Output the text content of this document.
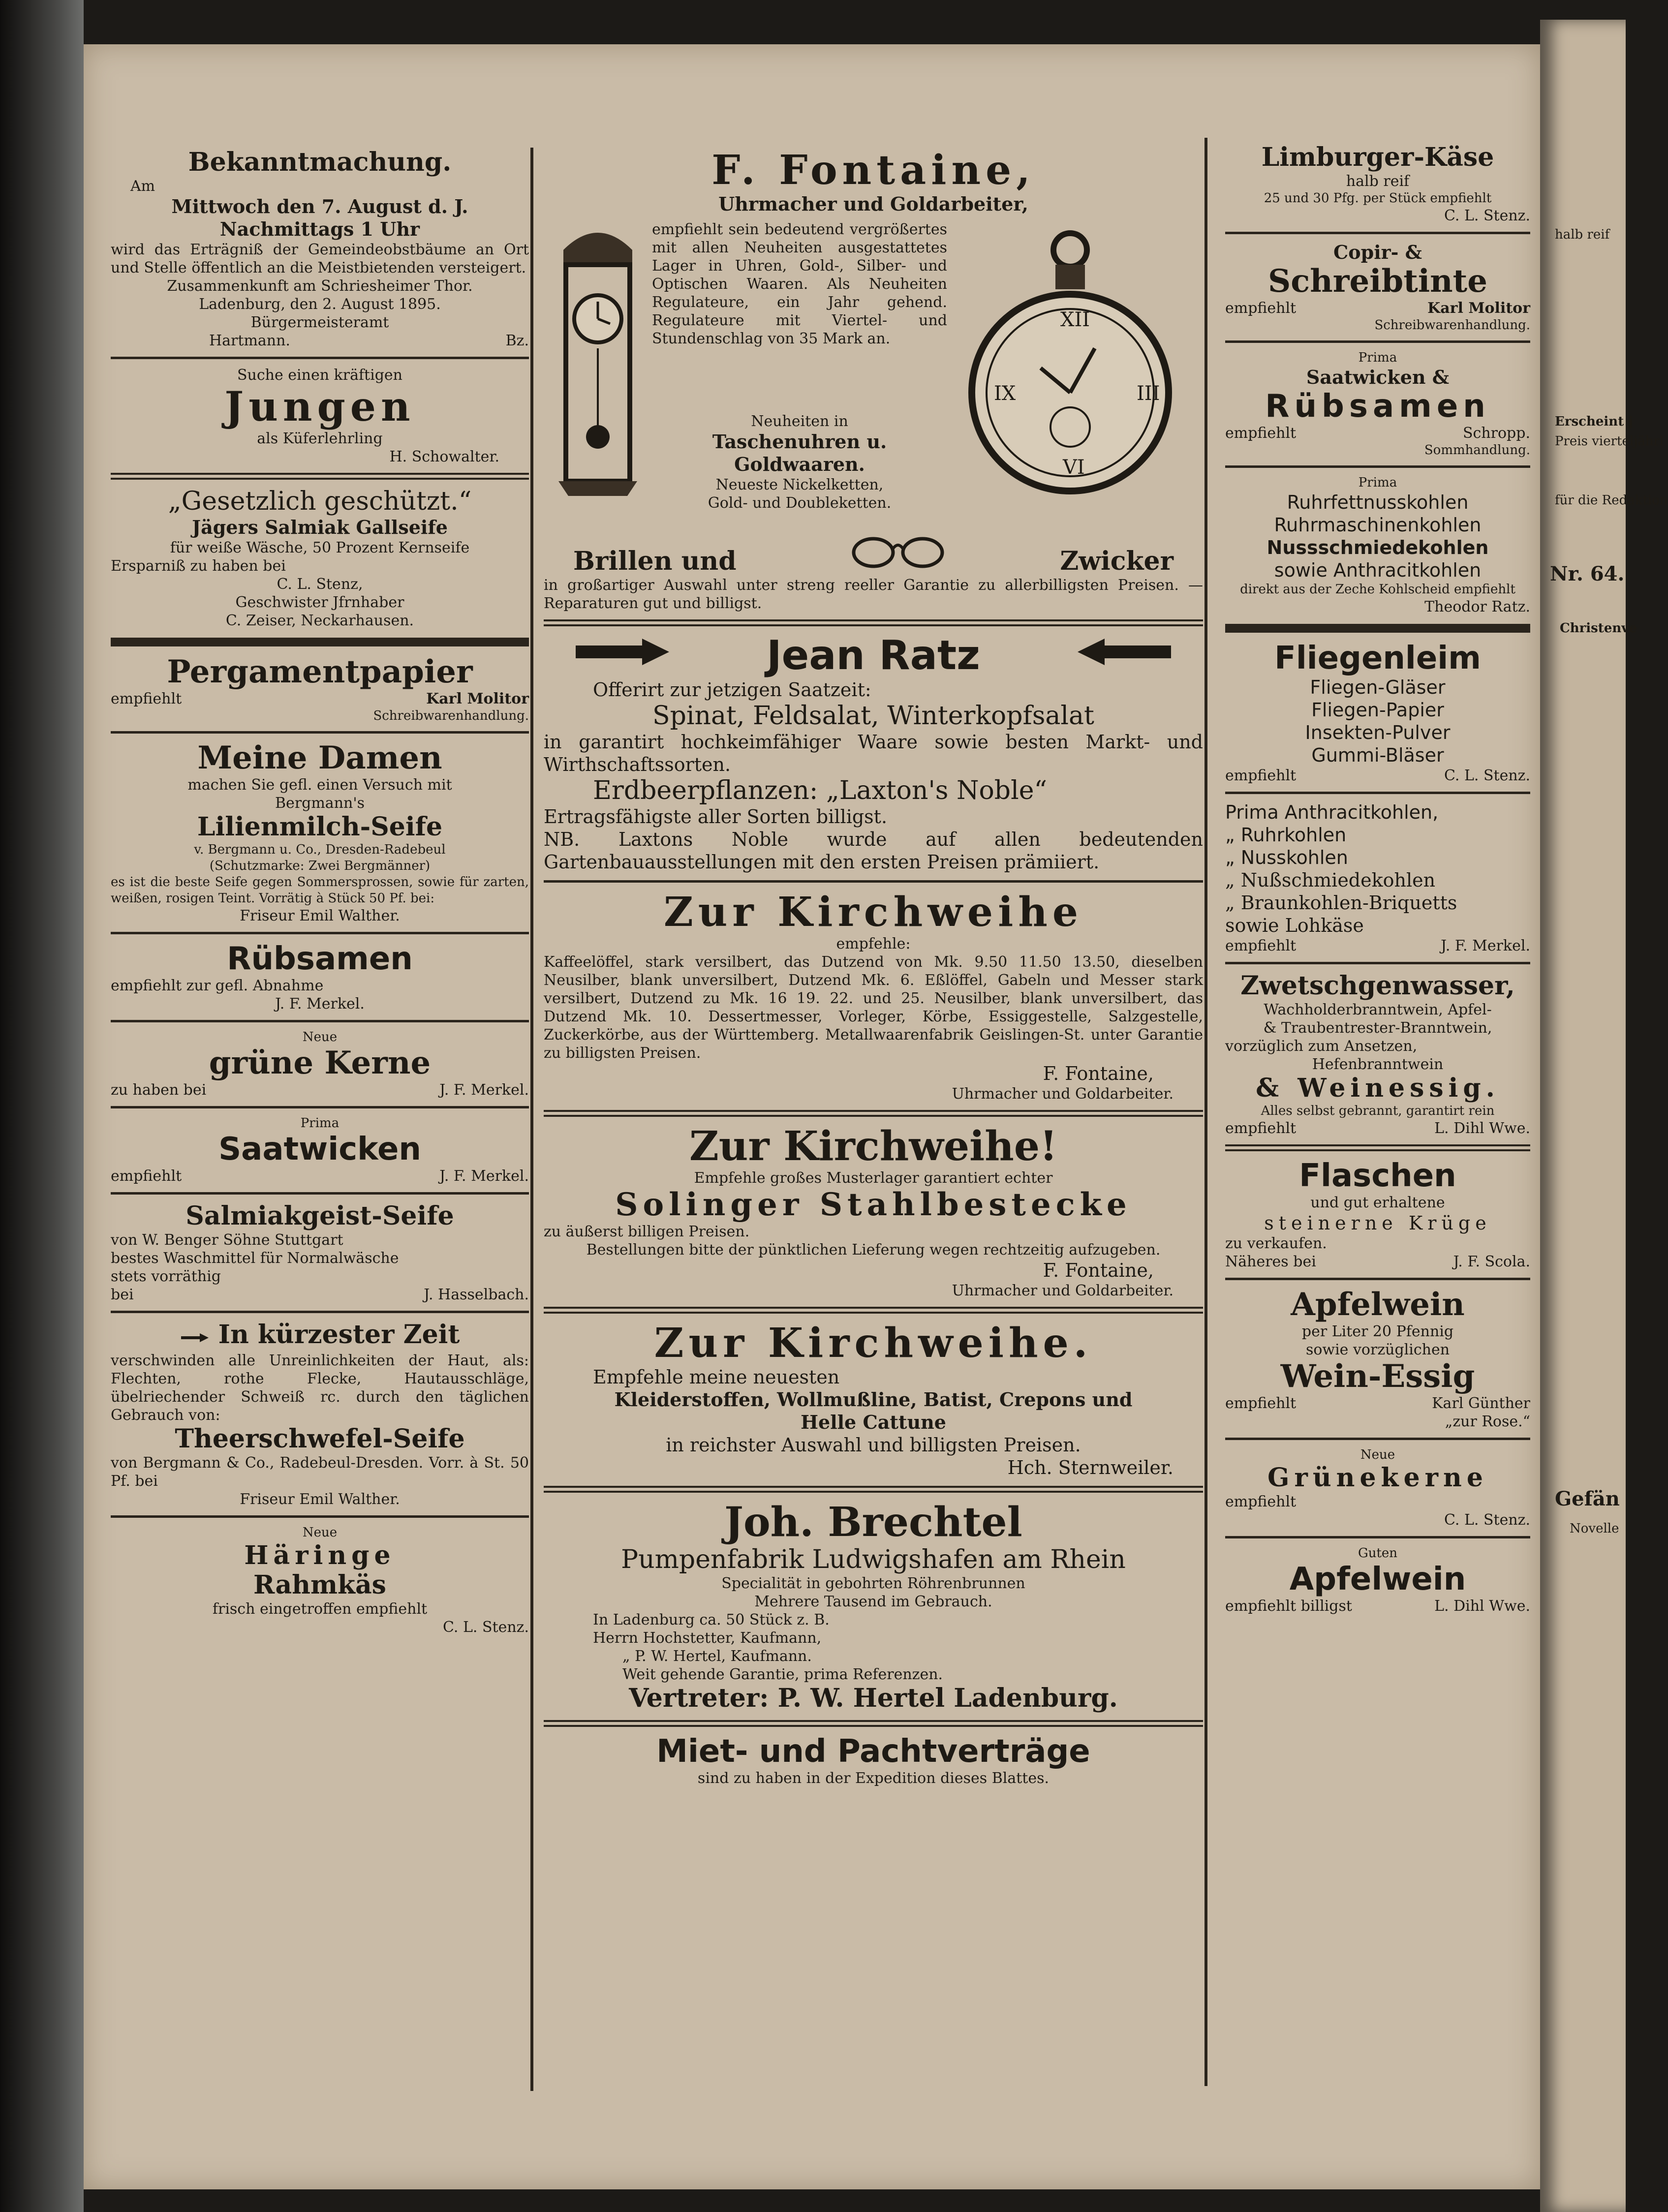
Bekanntmachung.
Am
Mittwoch den 7. August d. J.
Nachmittags 1 Uhr
wird das Erträgniß der Gemeindeobstbäume an Ort und Stelle öffentlich an die Meistbietenden versteigert.
Zusammenkunft am Schriesheimer Thor.
Ladenburg, den 2. August 1895.
Bürgermeisteramt
Hartmann.	Bz.
Suche einen kräftigen
Jungen
als Küferlehrling
H. Schowalter.
„Gesetzlich geschützt.“
Jägers Salmiak Gallseife
für weiße Wäsche, 50 Prozent Kernseife
Ersparniß zu haben bei
C. L. Stenz,
Geschwister Jfrnhaber
C. Zeiser, Neckarhausen.
Pergamentpapier
empfiehlt	Karl Molitor
Schreibwarenhandlung.
Meine Damen
machen Sie gefl. einen Versuch mit
Bergmann's
Lilienmilch-Seife
v. Bergmann u. Co., Dresden-Radebeul
(Schutzmarke: Zwei Bergmänner)
es ist die beste Seife gegen Sommersprossen, sowie für zarten, weißen, rosigen Teint. Vorrätig à Stück 50 Pf. bei:
Friseur Emil Walther.
Rübsamen
empfiehlt zur gefl. Abnahme
J. F. Merkel.
Neue
grüne Kerne
zu haben bei	J. F. Merkel.
Prima
Saatwicken
empfiehlt	J. F. Merkel.
Salmiakgeist-Seife
von W. Benger Söhne Stuttgart
bestes Waschmittel für Normalwäsche
stets vorräthig
bei	J. Hasselbach.
In kürzester Zeit
verschwinden alle Unreinlichkeiten der Haut, als: Flechten, rothe Flecke, Hautausschläge, übelriechender Schweiß rc. durch den täglichen Gebrauch von:
Theerschwefel-Seife
von Bergmann & Co., Radebeul-Dresden. Vorr. à St. 50 Pf. bei
Friseur Emil Walther.
Neue
Häringe
Rahmkäs
frisch eingetroffen empfiehlt
C. L. Stenz.
F. Fontaine,
Uhrmacher und Goldarbeiter,
empfiehlt sein bedeutend vergrößertes mit allen Neuheiten ausgestattetes Lager in Uhren, Gold-, Silber- und Optischen Waaren. Als Neuheiten Regulateure, ein Jahr gehend. Regulateure mit Viertel- und Stundenschlag von 35 Mark an.
Neuheiten in
Taschenuhren u. Goldwaaren.
Neueste Nickelketten,
Gold- und Doubleketten.
XII
III
VI
IX
Brillen und	Zwicker
in großartiger Auswahl unter streng reeller Garantie zu allerbilligsten Preisen. — Reparaturen gut und billigst.
Jean Ratz
Offerirt zur jetzigen Saatzeit:
Spinat, Feldsalat, Winterkopfsalat
in garantirt hochkeimfähiger Waare sowie besten Markt- und Wirthschaftssorten.
Erdbeerpflanzen: „Laxton's Noble“
Ertragsfähigste aller Sorten billigst.
NB. Laxtons Noble wurde auf allen bedeutenden Gartenbauausstellungen mit den ersten Preisen prämiiert.
Zur Kirchweihe
empfehle:
Kaffeelöffel, stark versilbert, das Dutzend von Mk. 9.50 11.50 13.50, dieselben Neusilber, blank unversilbert, Dutzend Mk. 6. Eßlöffel, Gabeln und Messer stark versilbert, Dutzend zu Mk. 16 19. 22. und 25. Neusilber, blank unversilbert, das Dutzend Mk. 10. Dessertmesser, Vorleger, Körbe, Essiggestelle, Salzgestelle, Zuckerkörbe, aus der Württemberg. Metallwaarenfabrik Geislingen-St. unter Garantie zu billigsten Preisen.
F. Fontaine,
Uhrmacher und Goldarbeiter.
Zur Kirchweihe!
Empfehle großes Musterlager garantiert echter
Solinger Stahlbestecke
zu äußerst billigen Preisen.
Bestellungen bitte der pünktlichen Lieferung wegen rechtzeitig aufzugeben.
F. Fontaine,
Uhrmacher und Goldarbeiter.
Zur Kirchweihe.
Empfehle meine neuesten
Kleiderstoffen, Wollmußline, Batist, Crepons und
Helle Cattune
in reichster Auswahl und billigsten Preisen.
Hch. Sternweiler.
Joh. Brechtel
Pumpenfabrik Ludwigshafen am Rhein
Specialität in gebohrten Röhrenbrunnen
Mehrere Tausend im Gebrauch.
In Ladenburg ca. 50 Stück z. B.
Herrn Hochstetter, Kaufmann,
„ P. W. Hertel, Kaufmann.
Weit gehende Garantie, prima Referenzen.
Vertreter: P. W. Hertel Ladenburg.
Miet- und Pachtverträge
sind zu haben in der Expedition dieses Blattes.
Limburger-Käse
halb reif
25 und 30 Pfg. per Stück empfiehlt
C. L. Stenz.
Copir- &
Schreibtinte
empfiehlt	Karl Molitor
Schreibwarenhandlung.
Prima
Saatwicken &
Rübsamen
empfiehlt	Schropp.
Sommhandlung.
Prima
Ruhrfettnusskohlen
Ruhrmaschinenkohlen
Nussschmiedekohlen
sowie Anthracitkohlen
direkt aus der Zeche Kohlscheid empfiehlt
Theodor Ratz.
Fliegenleim
Fliegen-Gläser
Fliegen-Papier
Insekten-Pulver
Gummi-Bläser
empfiehlt	C. L. Stenz.
Prima Anthracitkohlen,
„ Ruhrkohlen
„ Nusskohlen
„ Nußschmiedekohlen
„ Braunkohlen-Briquetts
sowie Lohkäse
empfiehlt	J. F. Merkel.
Zwetschgenwasser,
Wachholderbranntwein, Apfel-
& Traubentrester-Branntwein,
vorzüglich zum Ansetzen,
Hefenbranntwein
& Weinessig.
Alles selbst gebrannt, garantirt rein
empfiehlt	L. Dihl Wwe.
Flaschen
und gut erhaltene
steinerne Krüge
zu verkaufen.
Näheres bei	J. F. Scola.
Apfelwein
per Liter 20 Pfennig
sowie vorzüglichen
Wein-Essig
empfiehlt	Karl Günther
„zur Rose.“
Neue
Grünekerne
empfiehlt
C. L. Stenz.
Guten
Apfelwein
empfiehlt billigst	L. Dihl Wwe.
halb reif
Erscheint j
Preis vierteljährl
für die Redaktion
Nr. 64.
Christenve
Gefän
Novelle
